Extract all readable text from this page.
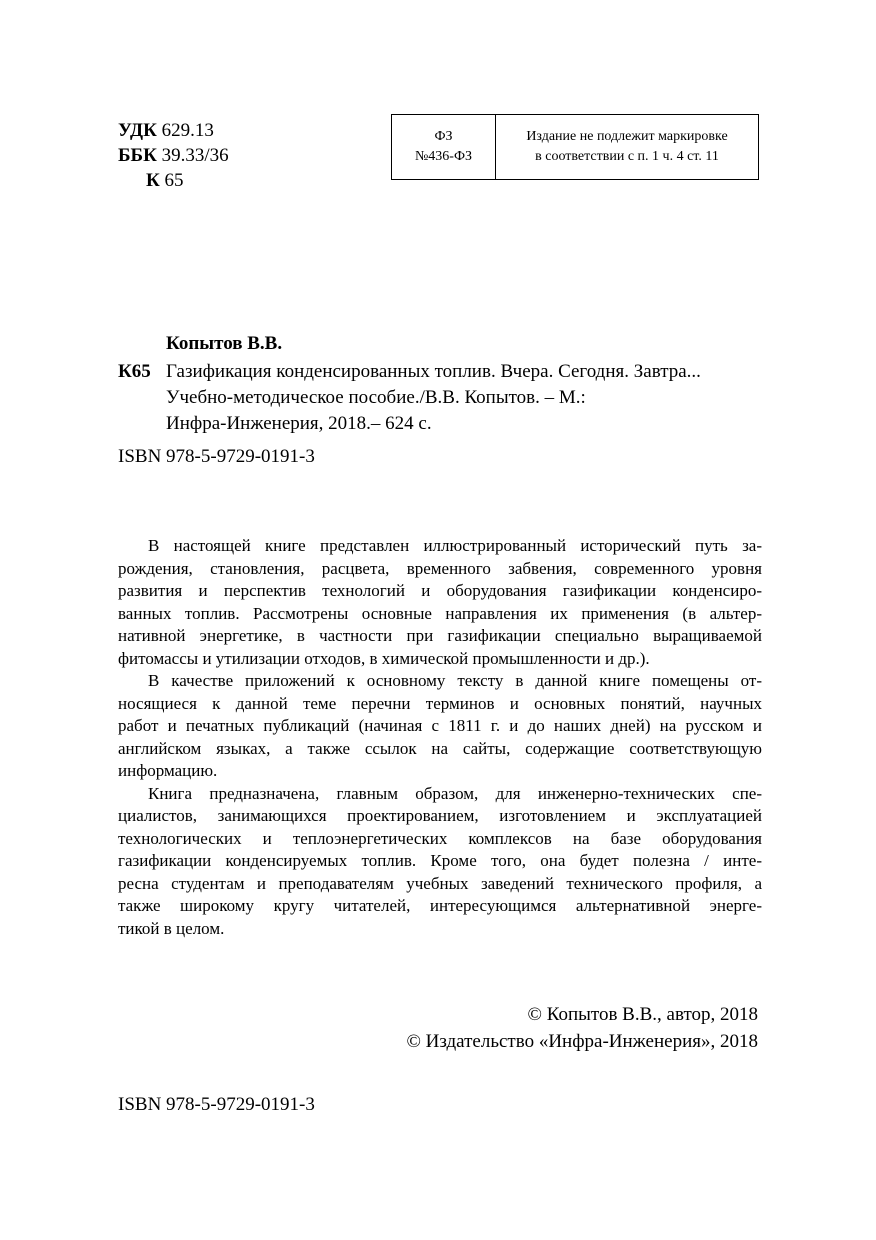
УДК 629.13
ББК 39.33/36
К 65
ФЗ
№436-ФЗ
Издание не подлежит маркировке
в соответствии с п. 1 ч. 4 ст. 11
Копытов В.В.
К65 Газификация конденсированных топлив. Вчера. Сегодня. Завтра...
Учебно-методическое пособие./В.В. Копытов. – М.:
Инфра-Инженерия, 2018.– 624 с.
ISBN 978-5-9729-0191-3
В настоящей книге представлен иллюстрированный исторический путь за-
рождения, становления, расцвета, временного забвения, современного уровня
развития и перспектив технологий и оборудования газификации конденсиро-
ванных топлив. Рассмотрены основные направления их применения (в альтер-
нативной энергетике, в частности при газификации специально выращиваемой
фитомассы и утилизации отходов, в химической промышленности и др.).
В качестве приложений к основному тексту в данной книге помещены от-
носящиеся к данной теме перечни терминов и основных понятий, научных
работ и печатных публикаций (начиная с 1811 г. и до наших дней) на русском и
английском языках, а также ссылок на сайты, содержащие соответствующую
информацию.
Книга предназначена, главным образом, для инженерно-технических спе-
циалистов, занимающихся проектированием, изготовлением и эксплуатацией
технологических и теплоэнергетических комплексов на базе оборудования
газификации конденсируемых топлив. Кроме того, она будет полезна / инте-
ресна студентам и преподавателям учебных заведений технического профиля, а
также широкому кругу читателей, интересующимся альтернативной энерге-
тикой в целом.
© Копытов В.В., автор, 2018
© Издательство «Инфра-Инженерия», 2018
ISBN 978-5-9729-0191-3
